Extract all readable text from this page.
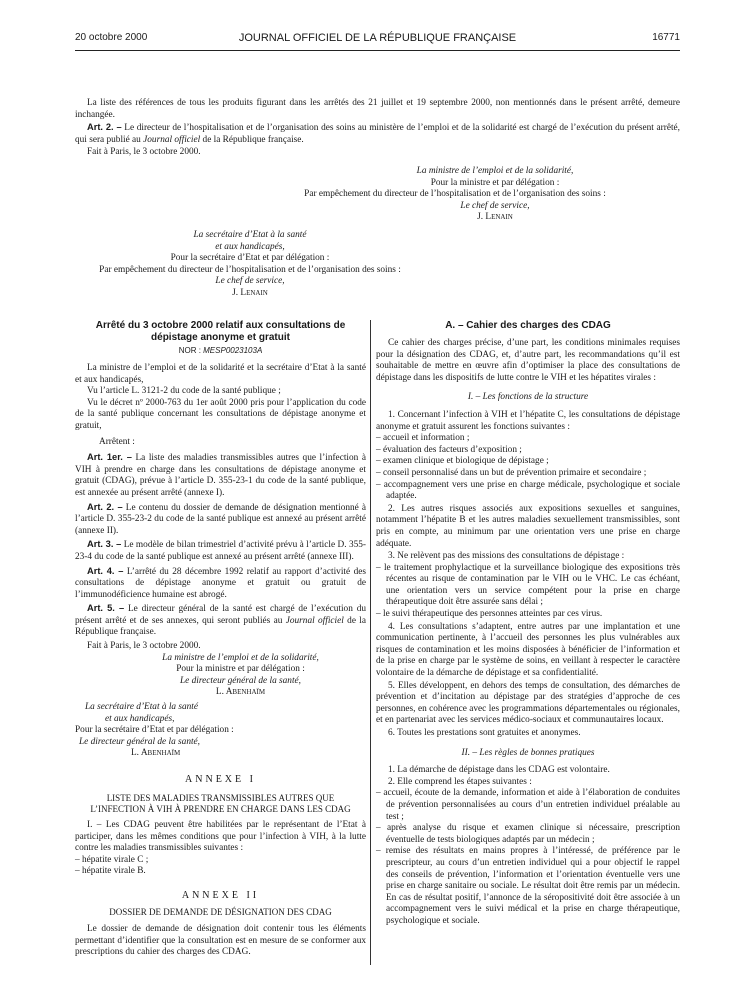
20 octobre 2000	JOURNAL OFFICIEL DE LA RÉPUBLIQUE FRANÇAISE	16771

La liste des références de tous les produits figurant dans les arrêtés des 21 juillet et 19 septembre 2000, non mentionnés dans le présent arrêté, demeure inchangée.

Art. 2. – Le directeur de l’hospitalisation et de l’organisation des soins au ministère de l’emploi et de la solidarité est chargé de l’exécution du présent arrêté, qui sera publié au Journal officiel de la République française.

Fait à Paris, le 3 octobre 2000.

La ministre de l’emploi et de la solidarité,

Pour la ministre et par délégation :

Par empêchement du directeur de l’hospitalisation et de l’organisation des soins :

Le chef de service,

J. Lenain

La secrétaire d’Etat à la santé

et aux handicapés,

Pour la secrétaire d’Etat et par délégation :

Par empêchement du directeur de l’hospitalisation et de l’organisation des soins :

Le chef de service,

J. Lenain

Arrêté du 3 octobre 2000 relatif aux consultations de dépistage anonyme et gratuit

NOR : MESP0023103A

La ministre de l’emploi et de la solidarité et la secrétaire d’Etat à la santé et aux handicapés,

Vu l’article L. 3121-2 du code de la santé publique ;

Vu le décret nº 2000-763 du 1er août 2000 pris pour l’application du code de la santé publique concernant les consultations de dépistage anonyme et gratuit,

Arrêtent :

Art. 1er. – La liste des maladies transmissibles autres que l’infection à VIH à prendre en charge dans les consultations de dépistage anonyme et gratuit (CDAG), prévue à l’article D. 355-23-1 du code de la santé publique, est annexée au présent arrêté (annexe I).

Art. 2. – Le contenu du dossier de demande de désignation mentionné à l’article D. 355-23-2 du code de la santé publique est annexé au présent arrêté (annexe II).

Art. 3. – Le modèle de bilan trimestriel d’activité prévu à l’article D. 355-23-4 du code de la santé publique est annexé au présent arrêté (annexe III).

Art. 4. – L’arrêté du 28 décembre 1992 relatif au rapport d’activité des consultations de dépistage anonyme et gratuit ou gratuit de l’immunodéficience humaine est abrogé.

Art. 5. – Le directeur général de la santé est chargé de l’exécution du présent arrêté et de ses annexes, qui seront publiés au Journal officiel de la République française.

Fait à Paris, le 3 octobre 2000.

La ministre de l’emploi et de la solidarité,

Pour la ministre et par délégation :

Le directeur général de la santé,

L. Abenhaïm

La secrétaire d’Etat à la santé

et aux handicapés,

Pour la secrétaire d’Etat et par délégation :

Le directeur général de la santé,

L. Abenhaïm

ANNEXE I

LISTE DES MALADIES TRANSMISSIBLES AUTRES QUE L’INFECTION À VIH À PRENDRE EN CHARGE DANS LES CDAG

I. – Les CDAG peuvent être habilitées par le représentant de l’Etat à participer, dans les mêmes conditions que pour l’infection à VIH, à la lutte contre les maladies transmissibles suivantes :

– hépatite virale C ;
– hépatite virale B.

ANNEXE II

DOSSIER DE DEMANDE DE DÉSIGNATION DES CDAG

Le dossier de demande de désignation doit contenir tous les éléments permettant d’identifier que la consultation est en mesure de se conformer aux prescriptions du cahier des charges des CDAG.

A. – Cahier des charges des CDAG

Ce cahier des charges précise, d’une part, les conditions minimales requises pour la désignation des CDAG, et, d’autre part, les recommandations qu’il est souhaitable de mettre en œuvre afin d’optimiser la place des consultations de dépistage dans les dispositifs de lutte contre le VIH et les hépatites virales :

I. – Les fonctions de la structure

1. Concernant l’infection à VIH et l’hépatite C, les consultations de dépistage anonyme et gratuit assurent les fonctions suivantes :

– accueil et information ;
– évaluation des facteurs d’exposition ;
– examen clinique et biologique de dépistage ;
– conseil personnalisé dans un but de prévention primaire et secondaire ;
– accompagnement vers une prise en charge médicale, psychologique et sociale adaptée.

2. Les autres risques associés aux expositions sexuelles et sanguines, notamment l’hépatite B et les autres maladies sexuellement transmissibles, sont pris en compte, au minimum par une orientation vers une prise en charge adéquate.

3. Ne relèvent pas des missions des consultations de dépistage :

– le traitement prophylactique et la surveillance biologique des expositions très récentes au risque de contamination par le VIH ou le VHC. Le cas échéant, une orientation vers un service compétent pour la prise en charge thérapeutique doit être assurée sans délai ;
– le suivi thérapeutique des personnes atteintes par ces virus.

4. Les consultations s’adaptent, entre autres par une implantation et une communication pertinente, à l’accueil des personnes les plus vulnérables aux risques de contamination et les moins disposées à bénéficier de l’information et de la prise en charge par le système de soins, en veillant à respecter le caractère volontaire de la démarche de dépistage et sa confidentialité.

5. Elles développent, en dehors des temps de consultation, des démarches de prévention et d’incitation au dépistage par des stratégies d’approche de ces personnes, en cohérence avec les programmations départementales ou régionales, et en partenariat avec les services médico-sociaux et communautaires locaux.

6. Toutes les prestations sont gratuites et anonymes.

II. – Les règles de bonnes pratiques

1. La démarche de dépistage dans les CDAG est volontaire.

2. Elle comprend les étapes suivantes :

– accueil, écoute de la demande, information et aide à l’élaboration de conduites de prévention personnalisées au cours d’un entretien individuel préalable au test ;
– après analyse du risque et examen clinique si nécessaire, prescription éventuelle de tests biologiques adaptés par un médecin ;
– remise des résultats en mains propres à l’intéressé, de préférence par le prescripteur, au cours d’un entretien individuel qui a pour objectif le rappel des conseils de prévention, l’information et l’orientation éventuelle vers une prise en charge sanitaire ou sociale. Le résultat doit être remis par un médecin. En cas de résultat positif, l’annonce de la séropositivité doit être associée à un accompagnement vers le suivi médical et la prise en charge thérapeutique, psychologique et sociale.
